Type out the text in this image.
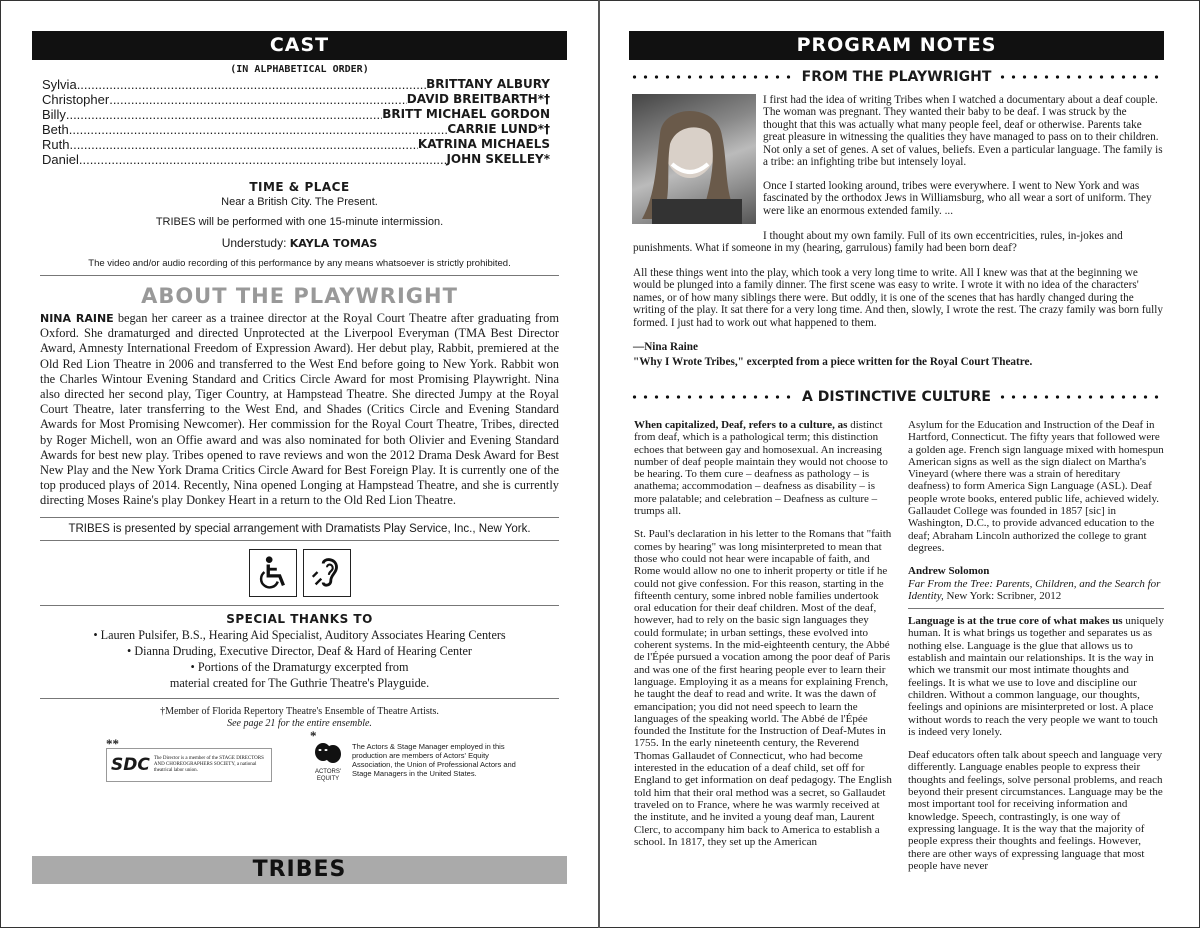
CAST
(IN ALPHABETICAL ORDER)
Sylvia .....	BRITTANY ALBURY
Christopher .....	DAVID BREITBARTH*†
Billy .....	BRITT MICHAEL GORDON
Beth .....	CARRIE LUND*†
Ruth .....	KATRINA MICHAELS
Daniel .....	JOHN SKELLEY*
TIME & PLACE
Near a British City. The Present.
TRIBES will be performed with one 15-minute intermission.
Understudy: KAYLA TOMAS
The video and/or audio recording of this performance by any means whatsoever is strictly prohibited.
ABOUT THE PLAYWRIGHT
NINA RAINE began her career as a trainee director at the Royal Court Theatre after graduating from Oxford. She dramaturged and directed Unprotected at the Liverpool Everyman (TMA Best Director Award, Amnesty International Freedom of Expression Award). Her debut play, Rabbit, premiered at the Old Red Lion Theatre in 2006 and transferred to the West End before going to New York. Rabbit won the Charles Wintour Evening Standard and Critics Circle Award for most Promising Playwright. Nina also directed her second play, Tiger Country, at Hampstead Theatre. She directed Jumpy at the Royal Court Theatre, later transferring to the West End, and Shades (Critics Circle and Evening Standard Awards for Most Promising Newcomer). Her commission for the Royal Court Theatre, Tribes, directed by Roger Michell, won an Offie award and was also nominated for both Olivier and Evening Standard Awards for best new play. Tribes opened to rave reviews and won the 2012 Drama Desk Award for Best New Play and the New York Drama Critics Circle Award for Best Foreign Play. It is currently one of the top produced plays of 2014. Recently, Nina opened Longing at Hampstead Theatre, and she is currently directing Moses Raine's play Donkey Heart in a return to the Old Red Lion Theatre.
TRIBES is presented by special arrangement with Dramatists Play Service, Inc., New York.
SPECIAL THANKS TO
• Lauren Pulsifer, B.S., Hearing Aid Specialist, Auditory Associates Hearing Centers
• Dianna Druding, Executive Director, Deaf & Hard of Hearing Center
• Portions of the Dramaturgy excerpted from
material created for The Guthrie Theatre's Playguide.
†Member of Florida Repertory Theatre's Ensemble of Theatre Artists.
See page 21 for the entire ensemble.
**
SDC The Director is a member of the STAGE DIRECTORS AND CHOREOGRAPHERS SOCIETY, a national theatrical labor union.
*
ACTORS' EQUITY
The Actors & Stage Manager employed in this production are members of Actors' Equity Association, the Union of Professional Actors and Stage Managers in the United States.
TRIBES
PROGRAM NOTES
FROM THE PLAYWRIGHT
I first had the idea of writing Tribes when I watched a documentary about a deaf couple. The woman was pregnant. They wanted their baby to be deaf. I was struck by the thought that this was actually what many people feel, deaf or otherwise. Parents take great pleasure in witnessing the qualities they have managed to pass on to their children. Not only a set of genes. A set of values, beliefs. Even a particular language. The family is a tribe: an infighting tribe but intensely loyal.
Once I started looking around, tribes were everywhere. I went to New York and was fascinated by the orthodox Jews in Williamsburg, who all wear a sort of uniform. They were like an enormous extended family. ...
I thought about my own family. Full of its own eccentricities, rules, in-jokes and punishments. What if someone in my (hearing, garrulous) family had been born deaf?
All these things went into the play, which took a very long time to write. All I knew was that at the beginning we would be plunged into a family dinner. The first scene was easy to write. I wrote it with no idea of the characters' names, or of how many siblings there were. But oddly, it is one of the scenes that has hardly changed during the writing of the play. It sat there for a very long time. And then, slowly, I wrote the rest. The crazy family was born fully formed. I just had to work out what happened to them.
—Nina Raine
"Why I Wrote Tribes," excerpted from a piece written for the Royal Court Theatre.
A DISTINCTIVE CULTURE
When capitalized, Deaf, refers to a culture, as distinct from deaf, which is a pathological term; this distinction echoes that between gay and homosexual. An increasing number of deaf people maintain they would not choose to be hearing. To them cure – deafness as pathology – is anathema; accommodation – deafness as disability – is more palatable; and celebration – Deafness as culture – trumps all.
St. Paul's declaration in his letter to the Romans that "faith comes by hearing" was long misinterpreted to mean that those who could not hear were incapable of faith, and Rome would allow no one to inherit property or title if he could not give confession. For this reason, starting in the fifteenth century, some inbred noble families undertook oral education for their deaf children. Most of the deaf, however, had to rely on the basic sign languages they could formulate; in urban settings, these evolved into coherent systems. In the mid-eighteenth century, the Abbé de l'Épée pursued a vocation among the poor deaf of Paris and was one of the first hearing people ever to learn their language. Employing it as a means for explaining French, he taught the deaf to read and write. It was the dawn of emancipation; you did not need speech to learn the languages of the speaking world. The Abbé de l'Épée founded the Institute for the Instruction of Deaf-Mutes in 1755. In the early nineteenth century, the Reverend Thomas Gallaudet of Connecticut, who had become interested in the education of a deaf child, set off for England to get information on deaf pedagogy. The English told him that their oral method was a secret, so Gallaudet traveled on to France, where he was warmly received at the institute, and he invited a young deaf man, Laurent Clerc, to accompany him back to America to establish a school. In 1817, they set up the American
Asylum for the Education and Instruction of the Deaf in Hartford, Connecticut. The fifty years that followed were a golden age. French sign language mixed with homespun American signs as well as the sign dialect on Martha's Vineyard (where there was a strain of hereditary deafness) to form America Sign Language (ASL). Deaf people wrote books, entered public life, achieved widely. Gallaudet College was founded in 1857 [sic] in Washington, D.C., to provide advanced education to the deaf; Abraham Lincoln authorized the college to grant degrees.
Andrew Solomon
Far From the Tree: Parents, Children, and the Search for Identity, New York: Scribner, 2012
Language is at the true core of what makes us uniquely human. It is what brings us together and separates us as nothing else. Language is the glue that allows us to establish and maintain our relationships. It is the way in which we transmit our most intimate thoughts and feelings. It is what we use to love and discipline our children. Without a common language, our thoughts, feelings and opinions are misinterpreted or lost. A place without words to reach the very people we want to touch is indeed very lonely.
Deaf educators often talk about speech and language very differently. Language enables people to express their thoughts and feelings, solve personal problems, and reach beyond their present circumstances. Language may be the most important tool for receiving information and knowledge. Speech, contrastingly, is one way of expressing language. It is the way that the majority of people express their thoughts and feelings. However, there are other ways of expressing language that most people have never
